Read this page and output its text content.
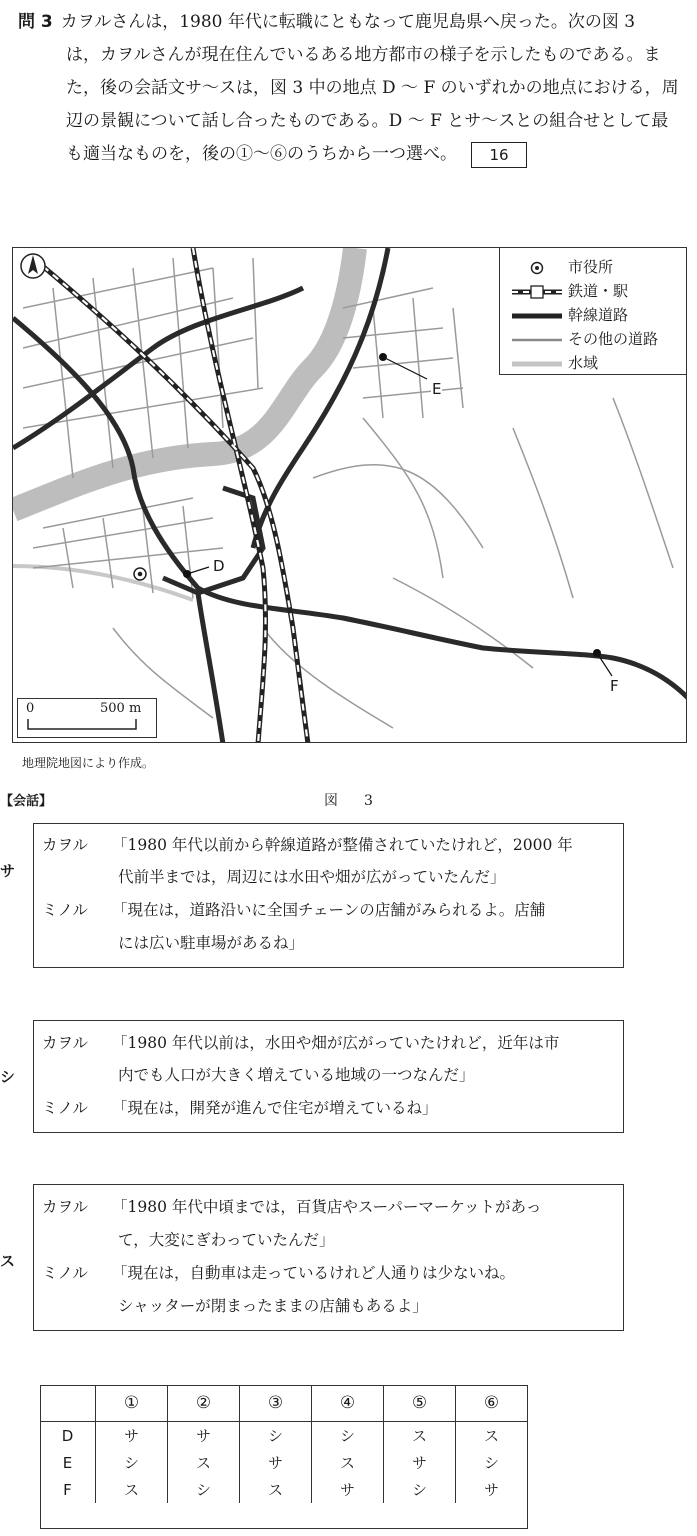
問 3 カヲルさんは，1980 年代に転職にともなって鹿児島県へ戻った。次の図 3
は，カヲルさんが現在住んでいるある地方都市の様子を示したものである。ま
た，後の会話文サ～スは，図 3 中の地点 D ～ F のいずれかの地点における，周
辺の景観について話し合ったものである。D ～ F とサ～スとの組合せとして最
も適当なものを，後の①～⑥のうちから一つ選べ。 16
D
E
F
市役所
鉄道・駅
幹線道路
その他の道路
水域
0	500 m
地理院地図により作成。
【会話】	図　3
サ
カヲル 「1980 年代以前から幹線道路が整備されていたけれど，2000 年
代前半までは，周辺には水田や畑が広がっていたんだ」
ミノル 「現在は，道路沿いに全国チェーンの店舗がみられるよ。店舗
には広い駐車場があるね」
シ
カヲル 「1980 年代以前は，水田や畑が広がっていたけれど，近年は市
内でも人口が大きく増えている地域の一つなんだ」
ミノル 「現在は，開発が進んで住宅が増えているね」
ス
カヲル 「1980 年代中頃までは，百貨店やスーパーマーケットがあっ
て，大変にぎわっていたんだ」
ミノル 「現在は，自動車は走っているけれど人通りは少ないね。
シャッターが閉まったままの店舗もあるよ」
	①	②	③	④	⑤	⑥
D	サ	サ	シ	シ	ス	ス
E	シ	ス	サ	ス	サ	シ
F	ス	シ	ス	サ	シ	サ
